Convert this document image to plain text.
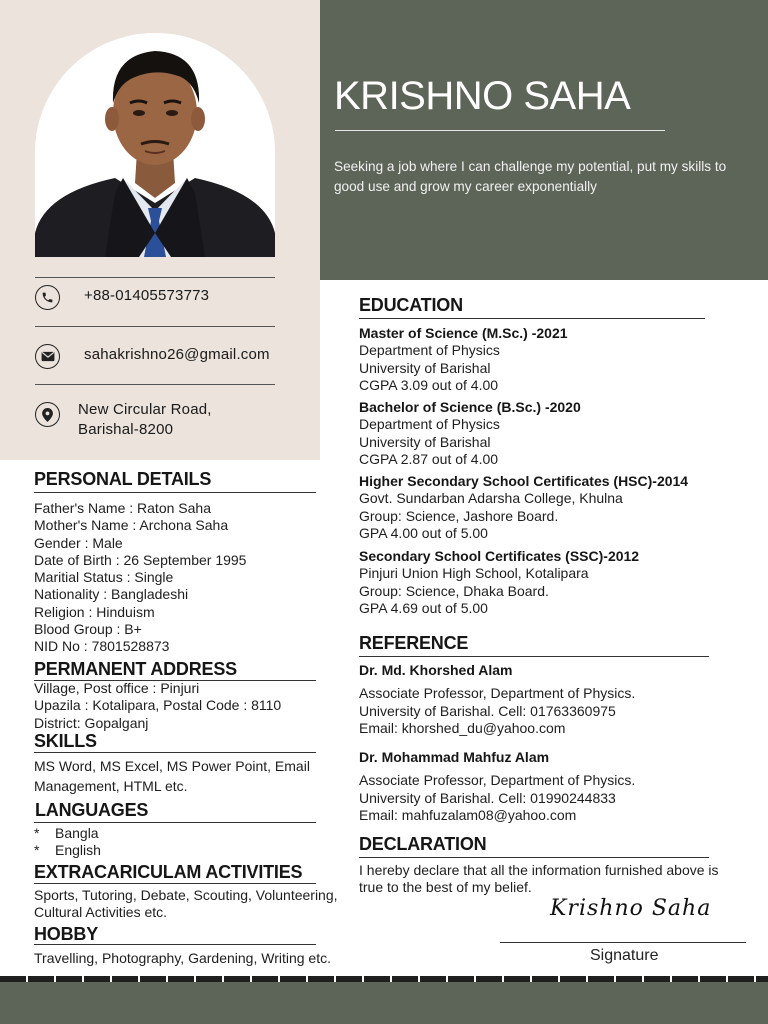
+88-01405573773
sahakrishno26@gmail.com
New Circular Road,
Barishal-8200
KRISHNO SAHA
Seeking a job where I can challenge my potential, put my skills to good use and grow my career exponentially
PERSONAL DETAILS
Father's Name : Raton Saha
Mother's Name : Archona Saha
Gender : Male
Date of Birth : 26 September 1995
Maritial Status : Single
Nationality : Bangladeshi
Religion : Hinduism
Blood Group : B+
NID No : 7801528873
PERMANENT ADDRESS
Village, Post office : Pinjuri
Upazila : Kotalipara, Postal Code : 8110
District: Gopalganj
SKILLS
MS Word, MS Excel, MS Power Point, Email
Management, HTML etc.
LANGUAGES
* Bangla
* English
EXTRACARICULAM ACTIVITIES
Sports, Tutoring, Debate, Scouting, Volunteering,
Cultural Activities etc.
HOBBY
Travelling, Photography, Gardening, Writing etc.
EDUCATION
Master of Science (M.Sc.) -2021
Department of Physics
University of Barishal
CGPA 3.09 out of 4.00
Bachelor of Science (B.Sc.) -2020
Department of Physics
University of Barishal
CGPA 2.87 out of 4.00
Higher Secondary School Certificates (HSC)-2014
Govt. Sundarban Adarsha College, Khulna
Group: Science, Jashore Board.
GPA 4.00 out of 5.00
Secondary School Certificates (SSC)-2012
Pinjuri Union High School, Kotalipara
Group: Science, Dhaka Board.
GPA 4.69 out of 5.00
REFERENCE
Dr. Md. Khorshed Alam
Associate Professor, Department of Physics.
University of Barishal. Cell: 01763360975
Email: khorshed_du@yahoo.com
Dr. Mohammad Mahfuz Alam
Associate Professor, Department of Physics.
University of Barishal. Cell: 01990244833
Email: mahfuzalam08@yahoo.com
DECLARATION
I hereby declare that all the information furnished above is
true to the best of my belief.
Krishno Saha
Signature
